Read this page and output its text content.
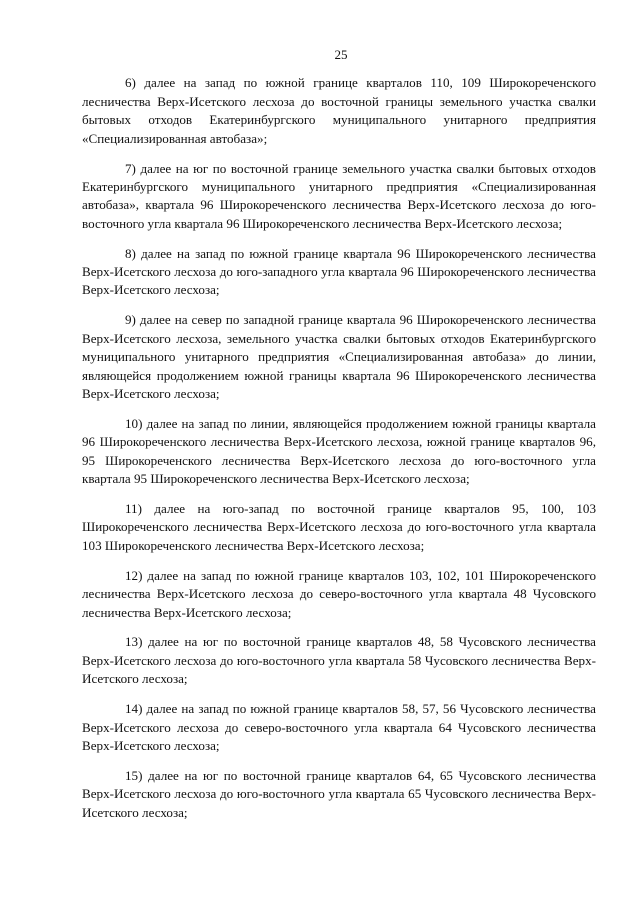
25

6) далее на запад по южной границе кварталов 110, 109 Широкореченского лесничества Верх-Исетского лесхоза до восточной границы земельного участка свалки бытовых отходов Екатеринбургского муниципального унитарного предприятия «Специализированная автобаза»;

7) далее на юг по восточной границе земельного участка свалки бытовых отходов Екатеринбургского муниципального унитарного предприятия «Специализированная автобаза», квартала 96 Широкореченского лесничества Верх-Исетского лесхоза до юго-восточного угла квартала 96 Широкореченского лесничества Верх-Исетского лесхоза;

8) далее на запад по южной границе квартала 96 Широкореченского лесничества Верх-Исетского лесхоза до юго-западного угла квартала 96 Широкореченского лесничества Верх-Исетского лесхоза;

9) далее на север по западной границе квартала 96 Широкореченского лесничества Верх-Исетского лесхоза, земельного участка свалки бытовых отходов Екатеринбургского муниципального унитарного предприятия «Специализированная автобаза» до линии, являющейся продолжением южной границы квартала 96 Широкореченского лесничества Верх-Исетского лесхоза;

10) далее на запад по линии, являющейся продолжением южной границы квартала 96 Широкореченского лесничества Верх-Исетского лесхоза, южной границе кварталов 96, 95 Широкореченского лесничества Верх-Исетского лесхоза до юго-восточного угла квартала 95 Широкореченского лесничества Верх-Исетского лесхоза;

11) далее на юго-запад по восточной границе кварталов 95, 100, 103 Широкореченского лесничества Верх-Исетского лесхоза до юго-восточного угла квартала 103 Широкореченского лесничества Верх-Исетского лесхоза;

12) далее на запад по южной границе кварталов 103, 102, 101 Широкореченского лесничества Верх-Исетского лесхоза до северо-восточного угла квартала 48 Чусовского лесничества Верх-Исетского лесхоза;

13) далее на юг по восточной границе кварталов 48, 58 Чусовского лесничества Верх-Исетского лесхоза до юго-восточного угла квартала 58 Чусовского лесничества Верх-Исетского лесхоза;

14) далее на запад по южной границе кварталов 58, 57, 56 Чусовского лесничества Верх-Исетского лесхоза до северо-восточного угла квартала 64 Чусовского лесничества Верх-Исетского лесхоза;

15) далее на юг по восточной границе кварталов 64, 65 Чусовского лесничества Верх-Исетского лесхоза до юго-восточного угла квартала 65 Чусовского лесничества Верх-Исетского лесхоза;
